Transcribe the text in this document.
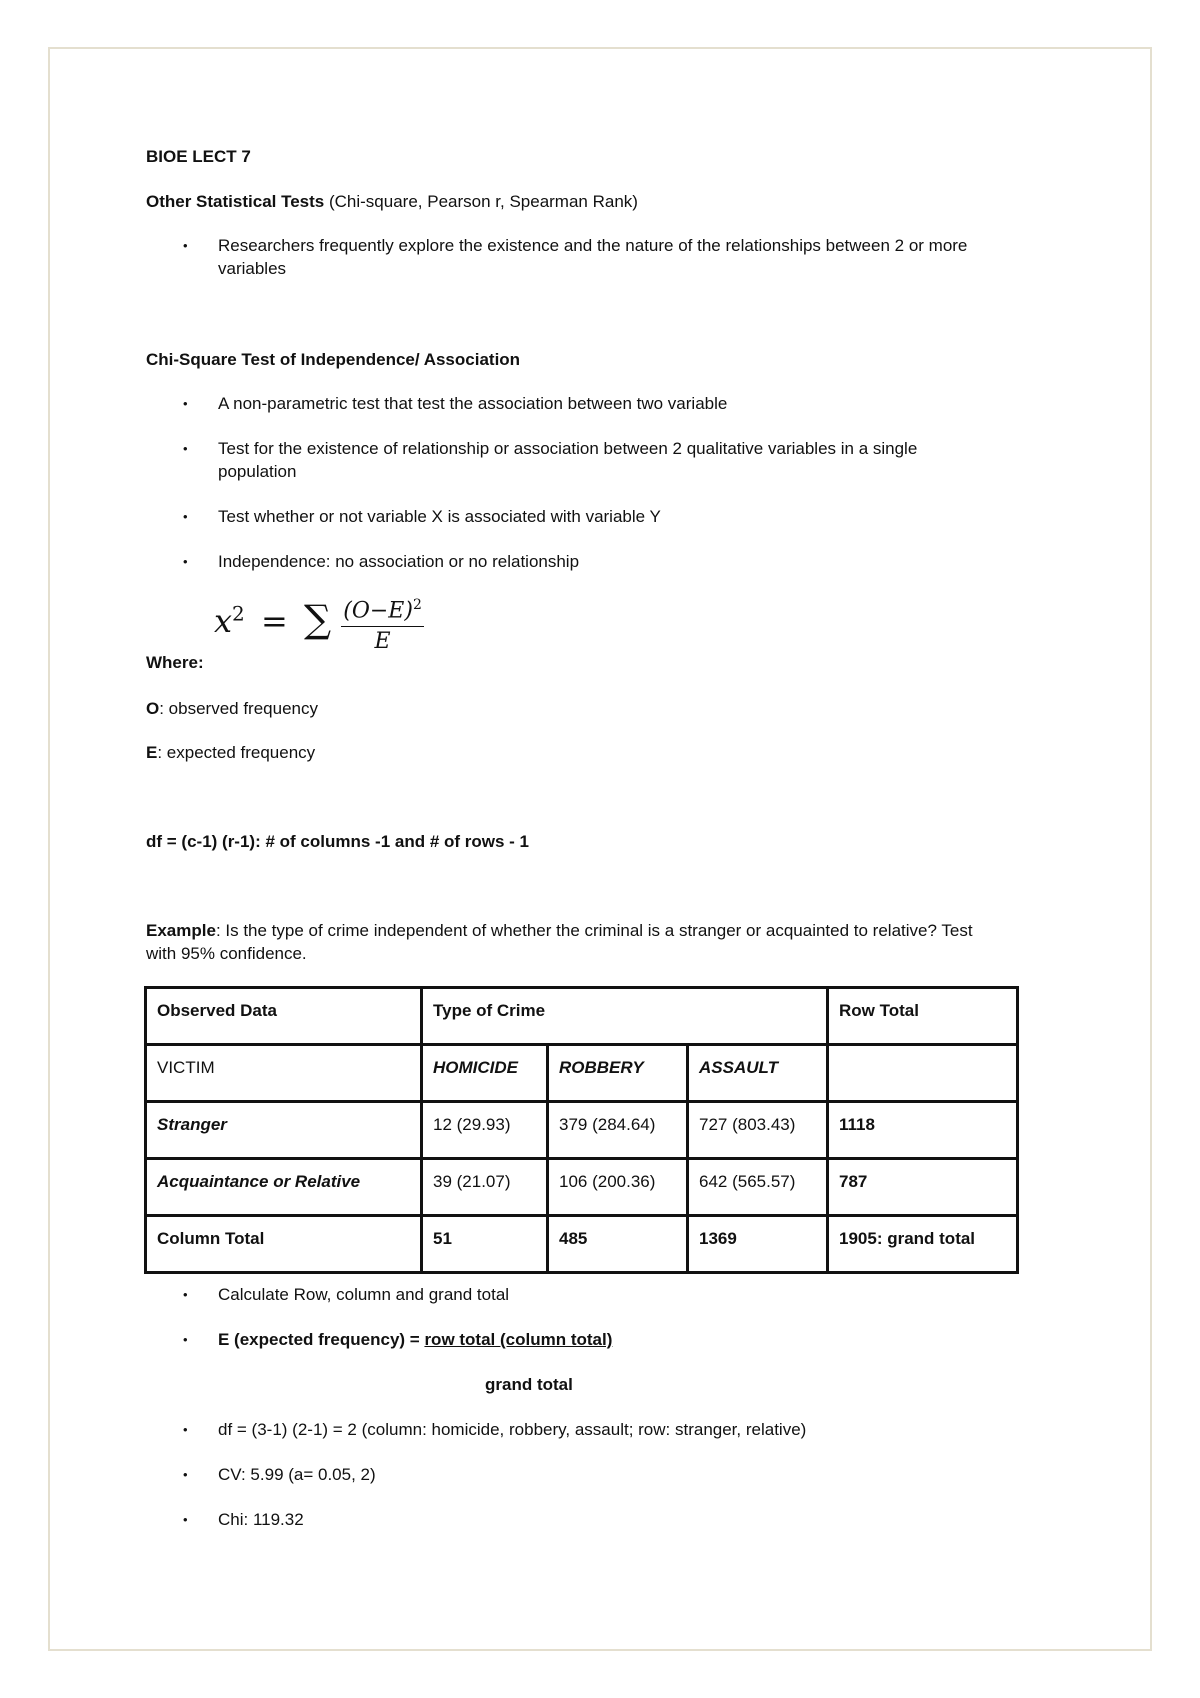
BIOE LECT 7
Other Statistical Tests (Chi-square, Pearson r, Spearman Rank)
• Researchers frequently explore the existence and the nature of the relationships between 2 or more
variables
Chi-Square Test of Independence/ Association
• A non-parametric test that test the association between two variable
• Test for the existence of relationship or association between 2 qualitative variables in a single
population
• Test whether or not variable X is associated with variable Y
• Independence: no association or no relationship
$x^2$ = ∑ $\frac{(O-E)^2}{E}$
Where:
O: observed frequency
E: expected frequency
df = (c-1) (r-1): # of columns -1 and # of rows - 1
Example: Is the type of crime independent of whether the criminal is a stranger or acquainted to relative? Test
with 95% confidence.
Observed Data	Type of Crime			Row Total
VICTIM	HOMICIDE	ROBBERY	ASSAULT	
Stranger	12 (29.93)	379 (284.64)	727 (803.43)	1118
Acquaintance or Relative	39 (21.07)	106 (200.36)	642 (565.57)	787
Column Total	51	485	1369	1905: grand total
• Calculate Row, column and grand total
• E (expected frequency) = row total (column total)
grand total
• df = (3-1) (2-1) = 2 (column: homicide, robbery, assault; row: stranger, relative)
• CV: 5.99 (a= 0.05, 2)
• Chi: 119.32
